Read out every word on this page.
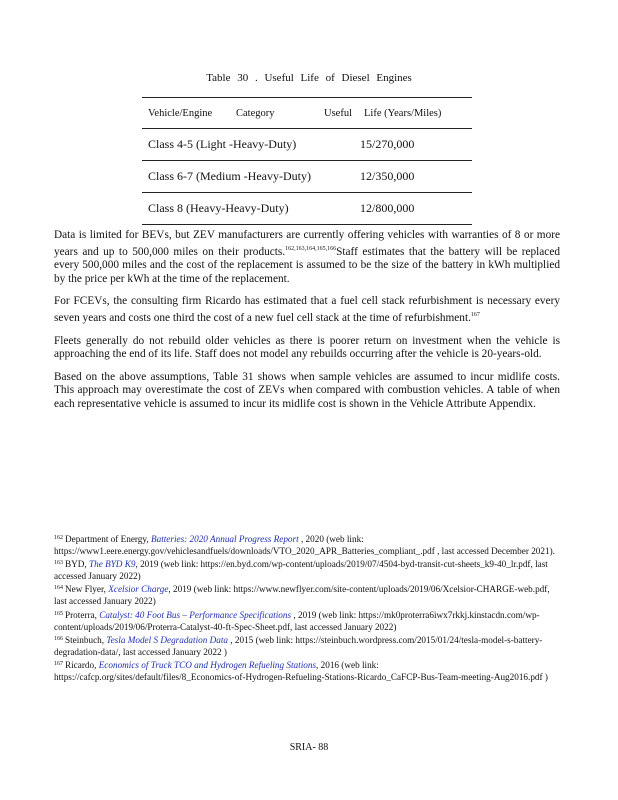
Table 30 . Useful Life of Diesel Engines
Vehicle/Engine	Category	Useful	Life (Years/Miles)
Class 4-5 (Light -Heavy-Duty)			15/270,000
Class 6-7 (Medium -Heavy-Duty)			12/350,000
Class 8 (Heavy-Heavy-Duty)			12/800,000

Data is limited for BEVs, but ZEV manufacturers are currently offering vehicles with warranties of 8 or more years and up to 500,000 miles on their products.$^{162,163,164,165,166}$Staff estimates that the battery will be replaced every 500,000 miles and the cost of the replacement is assumed to be the size of the battery in kWh multiplied by the price per kWh at the time of the replacement.

For FCEVs, the consulting firm Ricardo has estimated that a fuel cell stack refurbishment is necessary every seven years and costs one third the cost of a new fuel cell stack at the time of refurbishment.$^{167}$

Fleets generally do not rebuild older vehicles as there is poorer return on investment when the vehicle is approaching the end of its life. Staff does not model any rebuilds occurring after the vehicle is 20-years-old.

Based on the above assumptions, Table 31 shows when sample vehicles are assumed to incur midlife costs. This approach may overestimate the cost of ZEVs when compared with combustion vehicles. A table of when each representative vehicle is assumed to incur its midlife cost is shown in the Vehicle Attribute Appendix.

$^{162}$ Department of Energy, Batteries: 2020 Annual Progress Report , 2020 (web link: https://www1.eere.energy.gov/vehiclesandfuels/downloads/VTO_2020_APR_Batteries_compliant_.pdf , last accessed December 2021).

$^{163}$ BYD, The BYD K9, 2019 (web link: https://en.byd.com/wp-content/uploads/2019/07/4504-byd-transit-cut-sheets_k9-40_lr.pdf, last accessed January 2022)

$^{164}$ New Flyer, Xcelsior Charge, 2019 (web link: https://www.newflyer.com/site-content/uploads/2019/06/Xcelsior-CHARGE-web.pdf, last accessed January 2022)

$^{165}$ Proterra, Catalyst: 40 Foot Bus – Performance Specifications , 2019 (web link: https://mk0proterra6iwx7rkkj.kinstacdn.com/wp-content/uploads/2019/06/Proterra-Catalyst-40-ft-Spec-Sheet.pdf, last accessed January 2022)

$^{166}$ Steinbuch, Tesla Model S Degradation Data , 2015 (web link: https://steinbuch.wordpress.com/2015/01/24/tesla-model-s-battery-degradation-data/, last accessed January 2022 )

$^{167}$ Ricardo, Economics of Truck TCO and Hydrogen Refueling Stations, 2016 (web link: https://cafcp.org/sites/default/files/8_Economics-of-Hydrogen-Refueling-Stations-Ricardo_CaFCP-Bus-Team-meeting-Aug2016.pdf )

SRIA- 88
